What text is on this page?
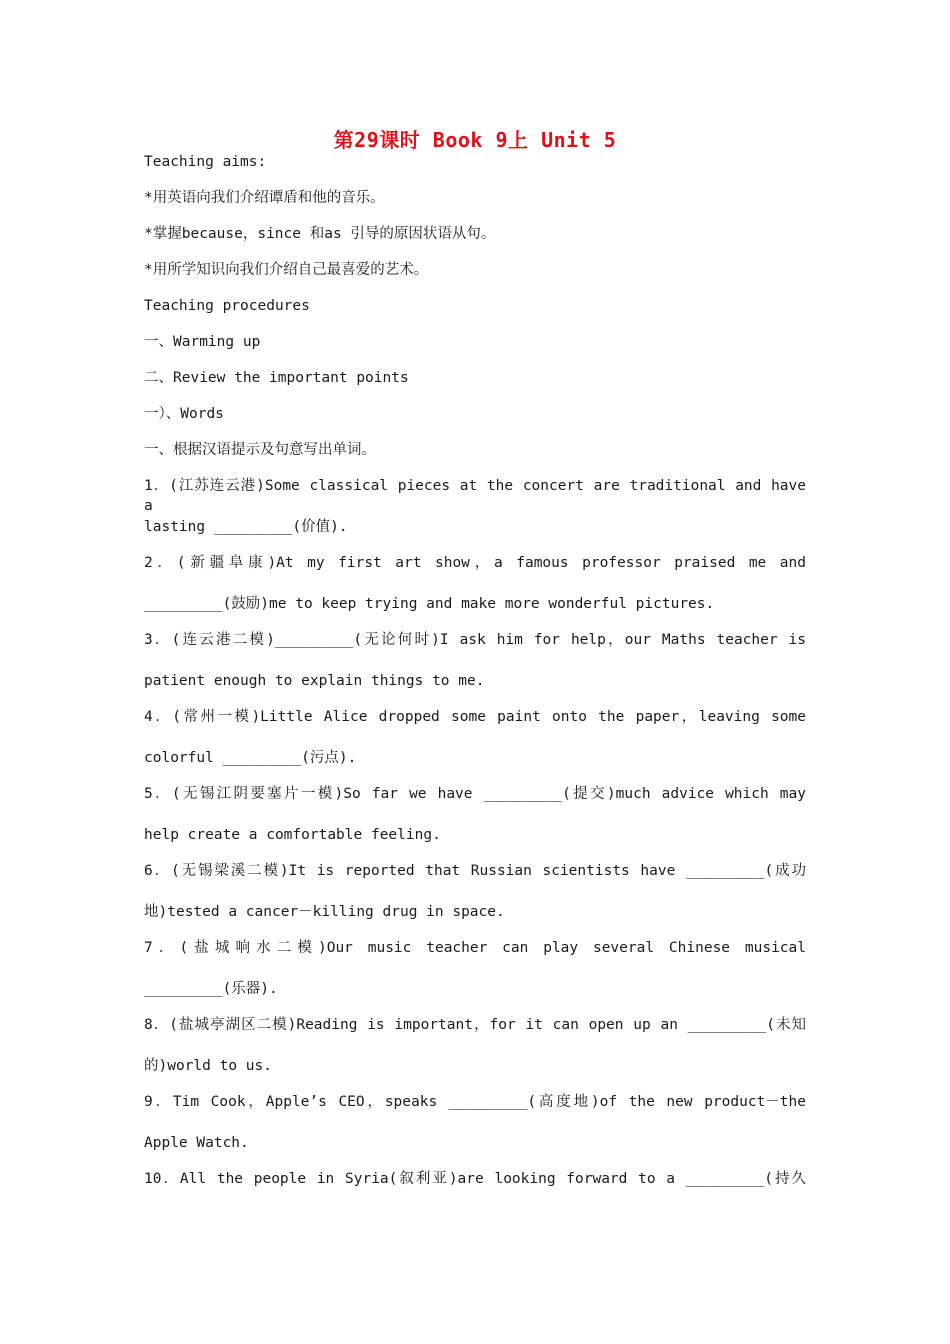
第29课时 Book 9上 Unit 5
Teaching aims:
*用英语向我们介绍谭盾和他的音乐。
*掌握because，since 和as 引导的原因状语从句。
*用所学知识向我们介绍自己最喜爱的艺术。
Teaching procedures
一、Warming up
二、Review the important points
一）、Words
一、根据汉语提示及句意写出单词。
1．(江苏连云港)Some classical pieces at the concert are traditional and have a
lasting _________(价值).
2．(新疆阜康)At my first art show，a famous professor praised me and
_________(鼓励)me to keep trying and make more wonderful pictures.
3．(连云港二模)_________(无论何时)I ask him for help，our Maths teacher is
patient enough to explain things to me.
4．(常州一模)Little Alice dropped some paint onto the paper，leaving some
colorful _________(污点).
5．(无锡江阴要塞片一模)So far we have _________(提交)much advice which may
help create a comfortable feeling.
6．(无锡梁溪二模)It is reported that Russian scientists have _________(成功
地)tested a cancer－killing drug in space.
7．(盐城响水二模)Our music teacher can play several Chinese musical
_________(乐器).
8．(盐城亭湖区二模)Reading is important，for it can open up an _________(未知
的)world to us.
9．Tim Cook，Apple’s CEO，speaks _________(高度地)of the new product－the
Apple Watch.
10．All the people in Syria(叙利亚)are looking forward to a _________(持久
